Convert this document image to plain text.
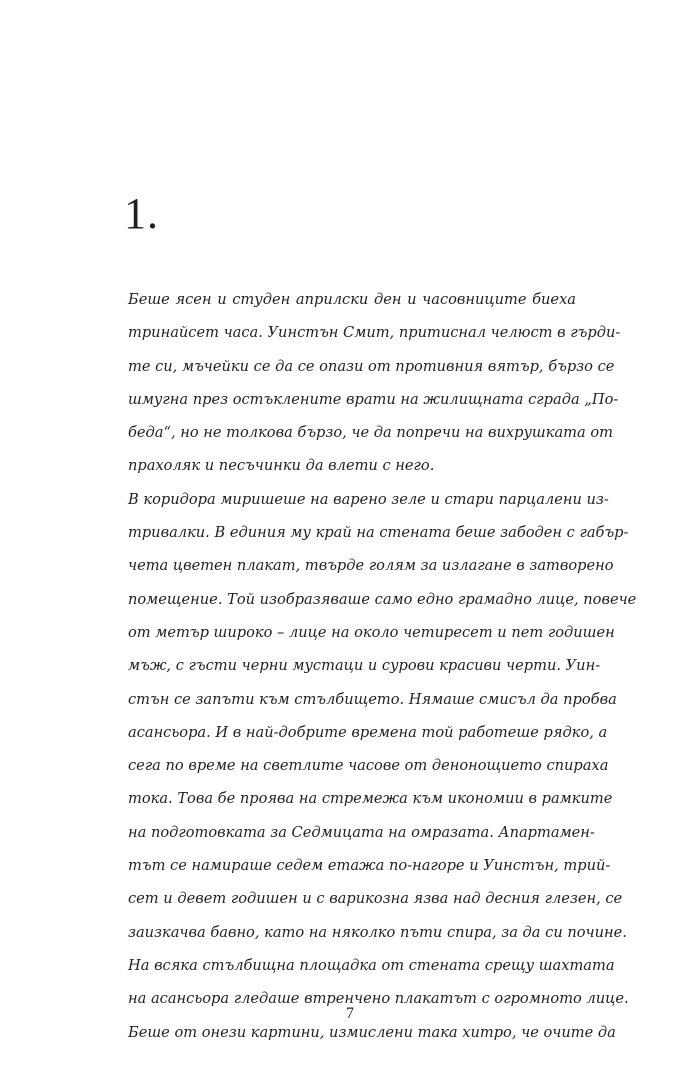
1.

Беше ясен и студен априлски ден и часовниците биеха
тринайсет часа. Уинстън Смит, притиснал челюст в гърди-
те си, мъчейки се да се опази от противния вятър, бързо се
шмугна през остъклените врати на жилищната сграда „По-
беда“, но не толкова бързо, че да попречи на вихрушката от
прахоляк и песъчинки да влети с него.

В коридора миришеше на варено зеле и стари парцалени из-
тривалки. В единия му край на стената беше забоден с габър-
чета цветен плакат, твърде голям за излагане в затворено
помещение. Той изобразяваше само едно грамадно лице, повече
от метър широко – лице на около четиресет и пет годишен
мъж, с гъсти черни мустаци и сурови красиви черти. Уин-
стън се запъти към стълбището. Нямаше смисъл да пробва
асансьора. И в най-добрите времена той работеше рядко, а
сега по време на светлите часове от денонощието спираха
тока. Това бе проява на стремежа към икономии в рамките
на подготовката за Седмицата на омразата. Апартамен-
тът се намираше седем етажа по-нагоре и Уинстън, трий-
сет и девет годишен и с варикозна язва над десния глезен, се
заизкачва бавно, като на няколко пъти спира, за да си почине.
На всяка стълбищна площадка от стената срещу шахтата
на асансьора гледаше втренчено плакатът с огромното лице.
Беше от онези картини, измислени така хитро, че очите да

7
